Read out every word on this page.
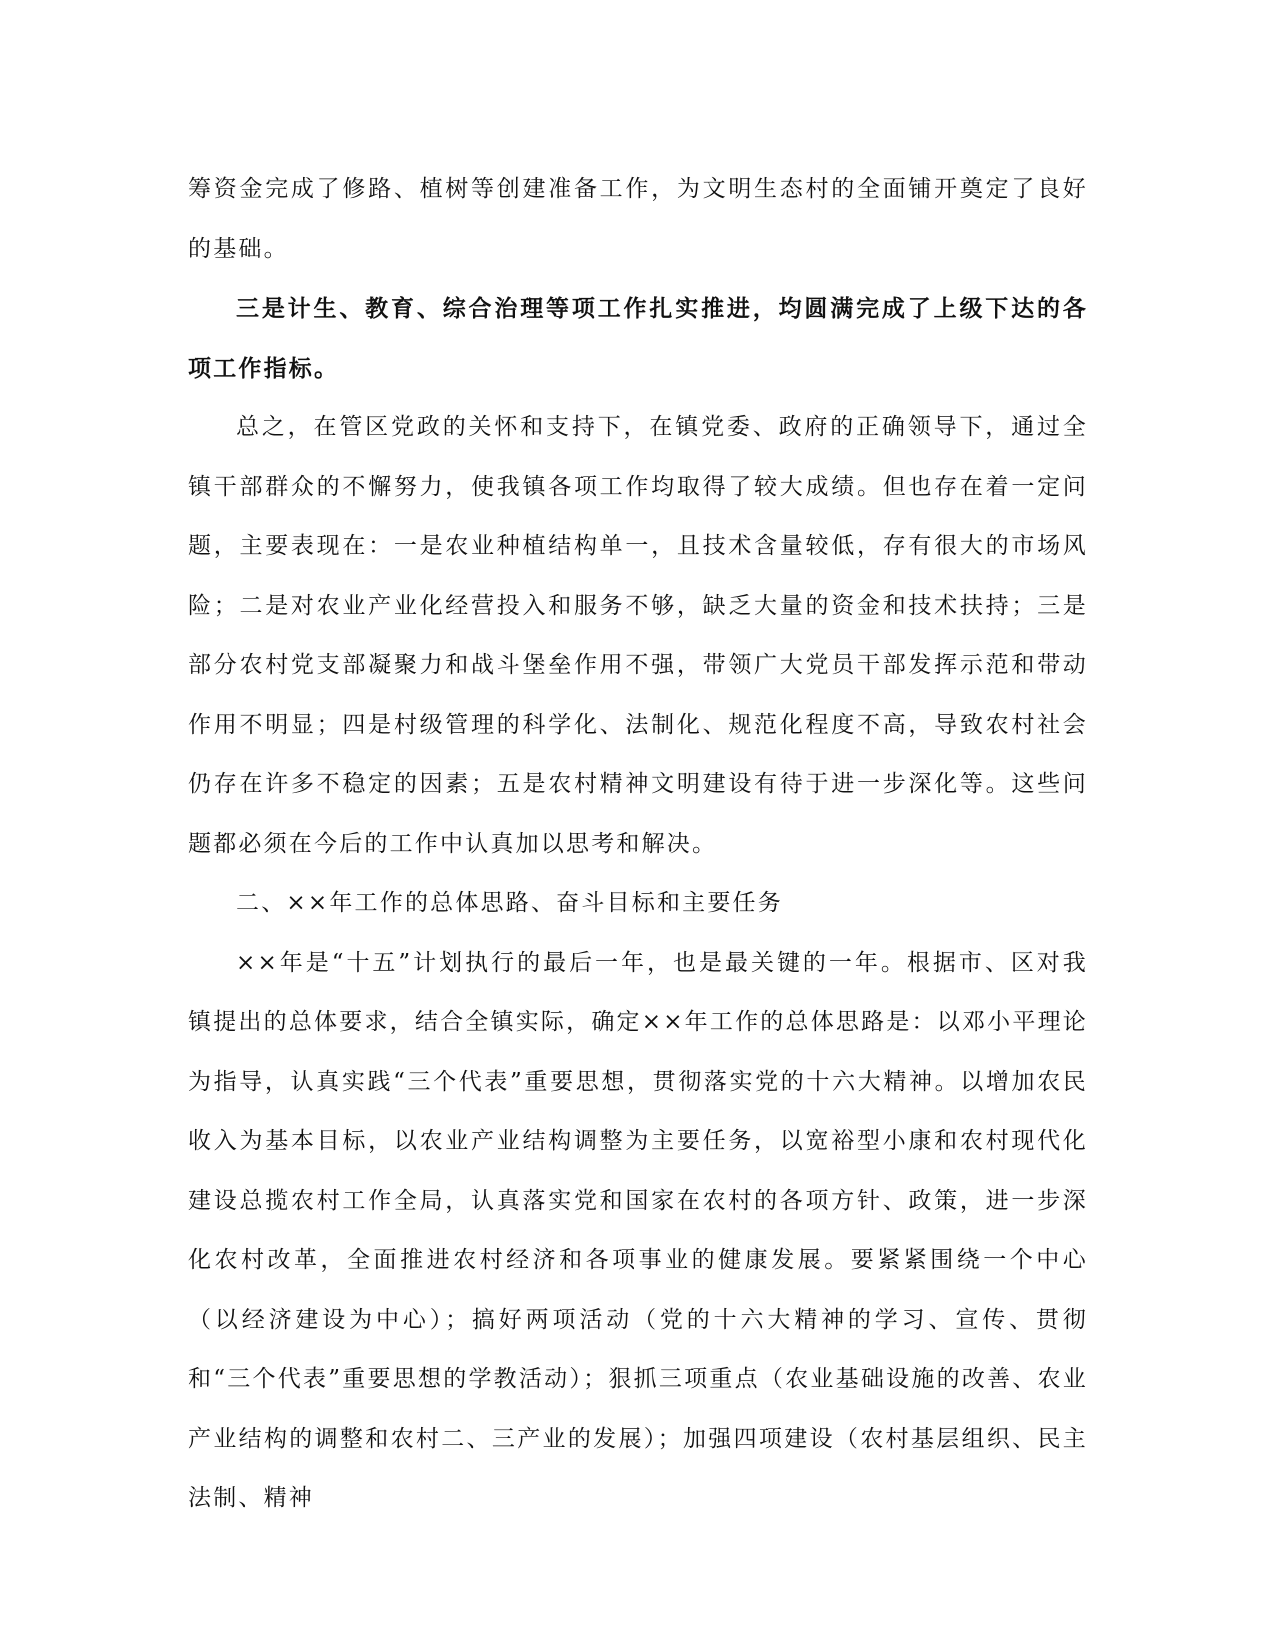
筹资金完成了修路、植树等创建准备工作，为文明生态村的全面铺开奠定了良好的基础。

三是计生、教育、综合治理等项工作扎实推进，均圆满完成了上级下达的各项工作指标。

总之，在管区党政的关怀和支持下，在镇党委、政府的正确领导下，通过全镇干部群众的不懈努力，使我镇各项工作均取得了较大成绩。但也存在着一定问题，主要表现在：一是农业种植结构单一，且技术含量较低，存有很大的市场风险；二是对农业产业化经营投入和服务不够，缺乏大量的资金和技术扶持；三是部分农村党支部凝聚力和战斗堡垒作用不强，带领广大党员干部发挥示范和带动作用不明显；四是村级管理的科学化、法制化、规范化程度不高，导致农村社会仍存在许多不稳定的因素；五是农村精神文明建设有待于进一步深化等。这些问题都必须在今后的工作中认真加以思考和解决。

二、××年工作的总体思路、奋斗目标和主要任务

××年是“十五”计划执行的最后一年，也是最关键的一年。根据市、区对我镇提出的总体要求，结合全镇实际，确定××年工作的总体思路是：以邓小平理论为指导，认真实践“三个代表”重要思想，贯彻落实党的十六大精神。以增加农民收入为基本目标，以农业产业结构调整为主要任务，以宽裕型小康和农村现代化建设总揽农村工作全局，认真落实党和国家在农村的各项方针、政策，进一步深化农村改革，全面推进农村经济和各项事业的健康发展。要紧紧围绕一个中心（以经济建设为中心）；搞好两项活动（党的十六大精神的学习、宣传、贯彻和“三个代表”重要思想的学教活动）；狠抓三项重点（农业基础设施的改善、农业产业结构的调整和农村二、三产业的发展）；加强四项建设（农村基层组织、民主法制、精神
